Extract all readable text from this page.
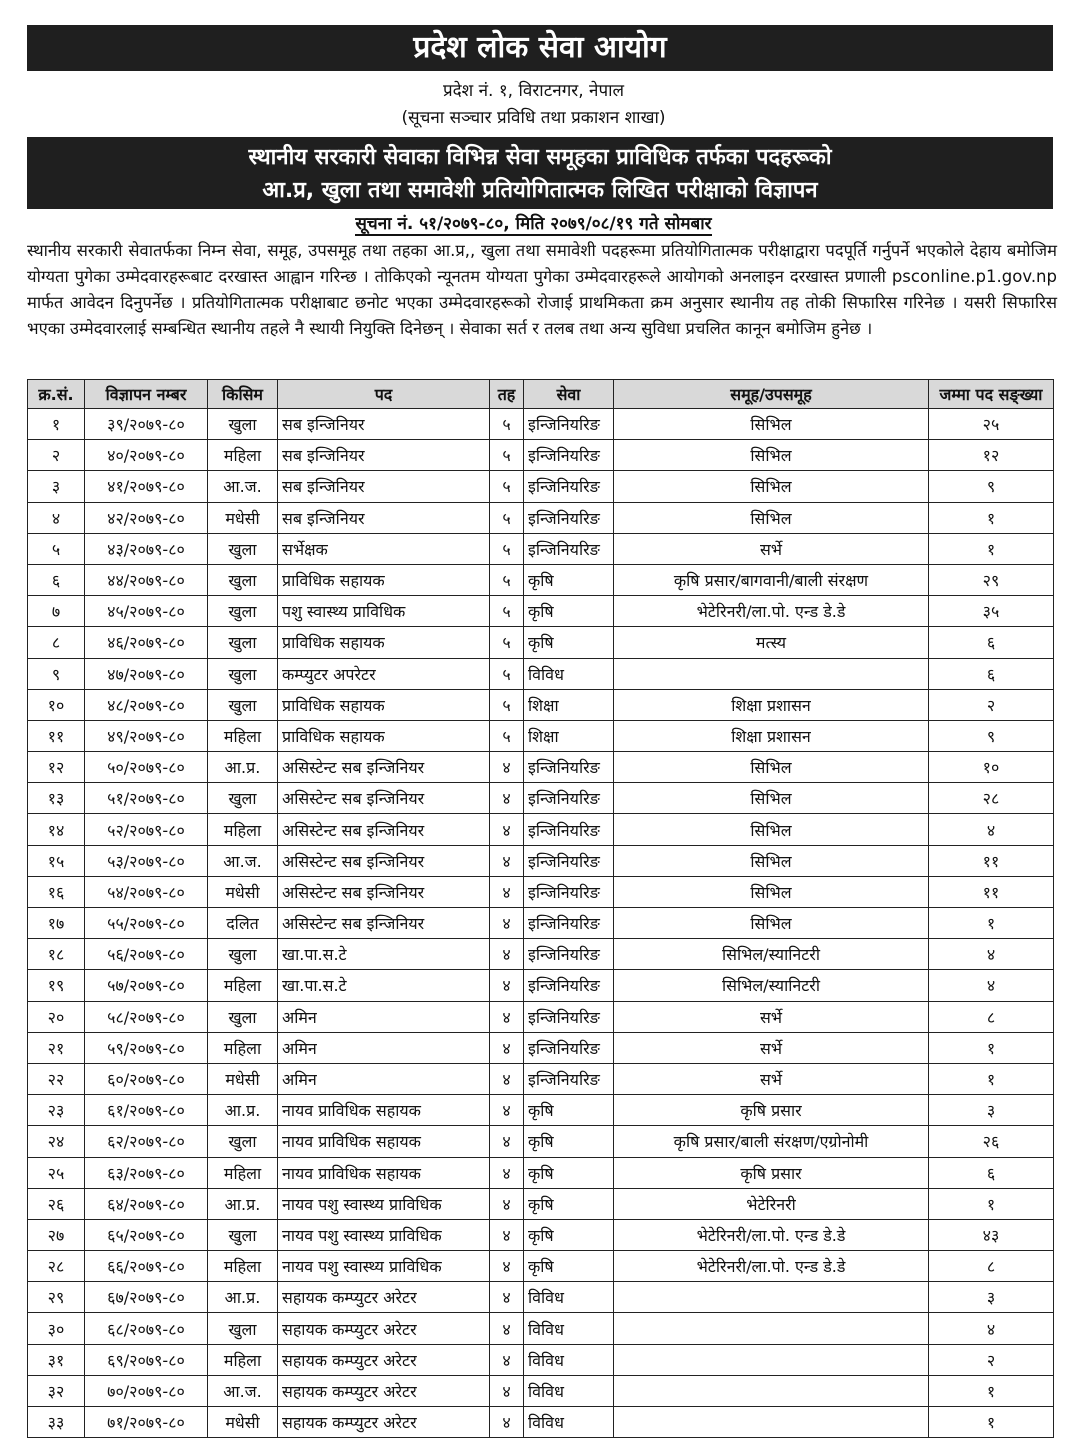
प्रदेश लोक सेवा आयोग
प्रदेश नं. १, विराटनगर, नेपाल
(सूचना सञ्चार प्रविधि तथा प्रकाशन शाखा)
स्थानीय सरकारी सेवाका विभिन्न सेवा समूहका प्राविधिक तर्फका पदहरूको
आ.प्र, खुला तथा समावेशी प्रतियोगितात्मक लिखित परीक्षाको विज्ञापन
सूचना नं. ५१/२०७९-८०, मिति २०७९/०८/१९ गते सोमबार
स्थानीय सरकारी सेवातर्फका निम्न सेवा, समूह, उपसमूह तथा तहका आ.प्र,, खुला तथा समावेशी पदहरूमा प्रतियोगितात्मक परीक्षाद्वारा पदपूर्ति गर्नुपर्ने भएकोले देहाय बमोजिम योग्यता पुगेका उम्मेदवारहरूबाट दरखास्त आह्वान गरिन्छ । तोकिएको न्यूनतम योग्यता पुगेका उम्मेदवारहरूले आयोगको अनलाइन दरखास्त प्रणाली psconline.p1.gov.np मार्फत आवेदन दिनुपर्नेछ । प्रतियोगितात्मक परीक्षाबाट छनोट भएका उम्मेदवारहरूको रोजाई प्राथमिकता क्रम अनुसार स्थानीय तह तोकी सिफारिस गरिनेछ । यसरी सिफारिस भएका उम्मेदवारलाई सम्बन्धित स्थानीय तहले नै स्थायी नियुक्ति दिनेछन् । सेवाका सर्त र तलब तथा अन्य सुविधा प्रचलित कानून बमोजिम हुनेछ ।
क्र.सं.	विज्ञापन नम्बर	किसिम	पद	तह	सेवा	समूह/उपसमूह	जम्मा पद सङ्ख्या
१	३९/२०७९-८०	खुला	सब इन्जिनियर	५	इन्जिनियरिङ	सिभिल	२५
२	४०/२०७९-८०	महिला	सब इन्जिनियर	५	इन्जिनियरिङ	सिभिल	१२
३	४१/२०७९-८०	आ.ज.	सब इन्जिनियर	५	इन्जिनियरिङ	सिभिल	९
४	४२/२०७९-८०	मधेसी	सब इन्जिनियर	५	इन्जिनियरिङ	सिभिल	१
५	४३/२०७९-८०	खुला	सर्भेक्षक	५	इन्जिनियरिङ	सर्भे	१
६	४४/२०७९-८०	खुला	प्राविधिक सहायक	५	कृषि	कृषि प्रसार/बागवानी/बाली संरक्षण	२९
७	४५/२०७९-८०	खुला	पशु स्वास्थ्य प्राविधिक	५	कृषि	भेटेरिनरी/ला.पो. एन्ड डे.डे	३५
८	४६/२०७९-८०	खुला	प्राविधिक सहायक	५	कृषि	मत्स्य	६
९	४७/२०७९-८०	खुला	कम्प्युटर अपरेटर	५	विविध		६
१०	४८/२०७९-८०	खुला	प्राविधिक सहायक	५	शिक्षा	शिक्षा प्रशासन	२
११	४९/२०७९-८०	महिला	प्राविधिक सहायक	५	शिक्षा	शिक्षा प्रशासन	९
१२	५०/२०७९-८०	आ.प्र.	असिस्टेन्ट सब इन्जिनियर	४	इन्जिनियरिङ	सिभिल	१०
१३	५१/२०७९-८०	खुला	असिस्टेन्ट सब इन्जिनियर	४	इन्जिनियरिङ	सिभिल	२८
१४	५२/२०७९-८०	महिला	असिस्टेन्ट सब इन्जिनियर	४	इन्जिनियरिङ	सिभिल	४
१५	५३/२०७९-८०	आ.ज.	असिस्टेन्ट सब इन्जिनियर	४	इन्जिनियरिङ	सिभिल	११
१६	५४/२०७९-८०	मधेसी	असिस्टेन्ट सब इन्जिनियर	४	इन्जिनियरिङ	सिभिल	११
१७	५५/२०७९-८०	दलित	असिस्टेन्ट सब इन्जिनियर	४	इन्जिनियरिङ	सिभिल	१
१८	५६/२०७९-८०	खुला	खा.पा.स.टे	४	इन्जिनियरिङ	सिभिल/स्यानिटरी	४
१९	५७/२०७९-८०	महिला	खा.पा.स.टे	४	इन्जिनियरिङ	सिभिल/स्यानिटरी	४
२०	५८/२०७९-८०	खुला	अमिन	४	इन्जिनियरिङ	सर्भे	८
२१	५९/२०७९-८०	महिला	अमिन	४	इन्जिनियरिङ	सर्भे	१
२२	६०/२०७९-८०	मधेसी	अमिन	४	इन्जिनियरिङ	सर्भे	१
२३	६१/२०७९-८०	आ.प्र.	नायव प्राविधिक सहायक	४	कृषि	कृषि प्रसार	३
२४	६२/२०७९-८०	खुला	नायव प्राविधिक सहायक	४	कृषि	कृषि प्रसार/बाली संरक्षण/एग्रोनोमी	२६
२५	६३/२०७९-८०	महिला	नायव प्राविधिक सहायक	४	कृषि	कृषि प्रसार	६
२६	६४/२०७९-८०	आ.प्र.	नायव पशु स्वास्थ्य प्राविधिक	४	कृषि	भेटेरिनरी	१
२७	६५/२०७९-८०	खुला	नायव पशु स्वास्थ्य प्राविधिक	४	कृषि	भेटेरिनरी/ला.पो. एन्ड डे.डे	४३
२८	६६/२०७९-८०	महिला	नायव पशु स्वास्थ्य प्राविधिक	४	कृषि	भेटेरिनरी/ला.पो. एन्ड डे.डे	८
२९	६७/२०७९-८०	आ.प्र.	सहायक कम्प्युटर अरेटर	४	विविध		३
३०	६८/२०७९-८०	खुला	सहायक कम्प्युटर अरेटर	४	विविध		४
३१	६९/२०७९-८०	महिला	सहायक कम्प्युटर अरेटर	४	विविध		२
३२	७०/२०७९-८०	आ.ज.	सहायक कम्प्युटर अरेटर	४	विविध		१
३३	७१/२०७९-८०	मधेसी	सहायक कम्प्युटर अरेटर	४	विविध		१
